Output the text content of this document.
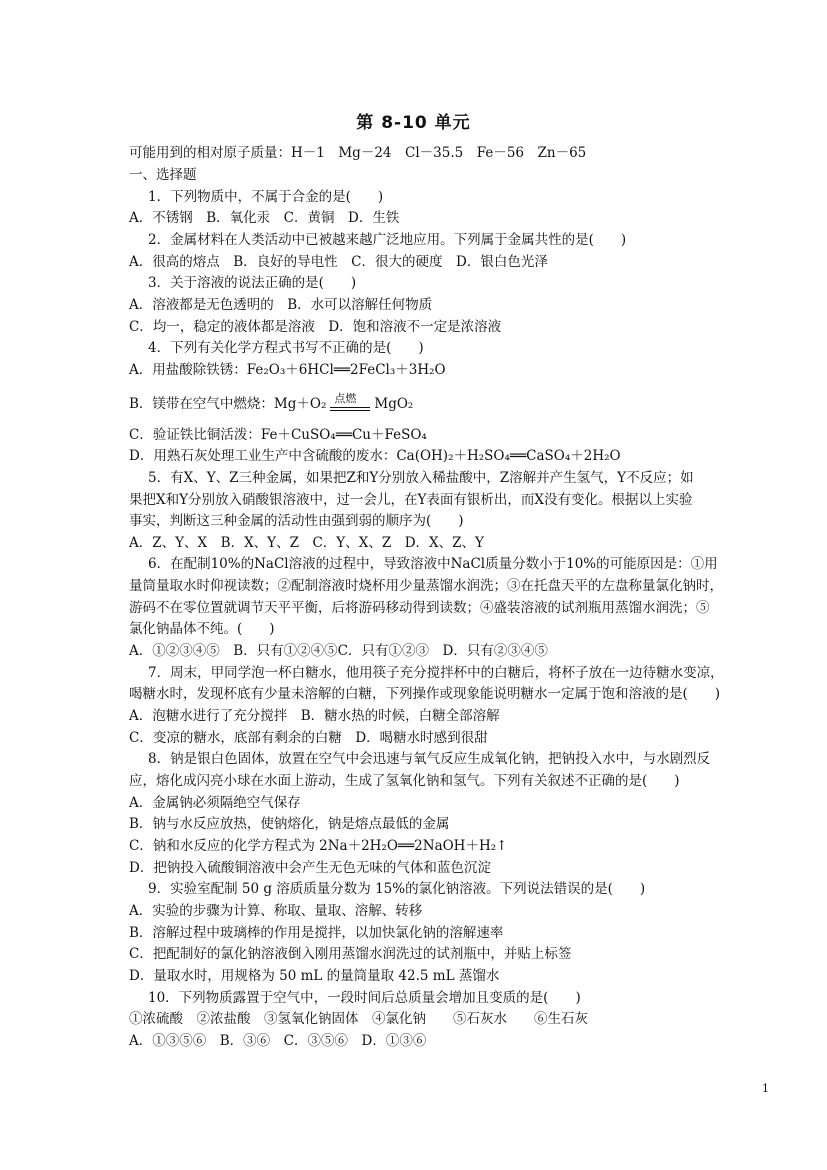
第 8-10 单元
可能用到的相对原子质量：H－1　Mg－24　Cl－35.5　Fe－56　Zn－65
一、选择题
1．下列物质中，不属于合金的是(　　)
A．不锈钢　B．氧化汞　C．黄铜　D．生铁
2．金属材料在人类活动中已被越来越广泛地应用。下列属于金属共性的是(　　)
A．很高的熔点　B．良好的导电性　C．很大的硬度　D．银白色光泽
3．关于溶液的说法正确的是(　　)
A．溶液都是无色透明的　B．水可以溶解任何物质
C．均一，稳定的液体都是溶液　D．饱和溶液不一定是浓溶液
4．下列有关化学方程式书写不正确的是(　　)
A．用盐酸除铁锈：Fe₂O₃＋6HCl══2FeCl₃＋3H₂O
B．镁带在空气中燃烧：Mg＋O₂ 点燃 MgO₂
C．验证铁比铜活泼：Fe＋CuSO₄══Cu＋FeSO₄
D．用熟石灰处理工业生产中含硫酸的废水：Ca(OH)₂＋H₂SO₄══CaSO₄＋2H₂O
5．有X、Y、Z三种金属，如果把Z和Y分别放入稀盐酸中，Z溶解并产生氢气，Y不反应；如
果把X和Y分别放入硝酸银溶液中，过一会儿，在Y表面有银析出，而X没有变化。根据以上实验
事实，判断这三种金属的活动性由强到弱的顺序为(　　)
A．Z、Y、X　B．X、Y、Z　C．Y、X、Z　D．X、Z、Y
6．在配制10%的NaCl溶液的过程中，导致溶液中NaCl质量分数小于10%的可能原因是：①用
量筒量取水时仰视读数；②配制溶液时烧杯用少量蒸馏水润洗；③在托盘天平的左盘称量氯化钠时，
游码不在零位置就调节天平平衡，后将游码移动得到读数；④盛装溶液的试剂瓶用蒸馏水润洗；⑤
氯化钠晶体不纯。(　　)
A．①②③④⑤　B．只有①②④⑤C．只有①②③　D．只有②③④⑤
7．周末，甲同学泡一杯白糖水，他用筷子充分搅拌杯中的白糖后，将杯子放在一边待糖水变凉，
喝糖水时，发现杯底有少量未溶解的白糖，下列操作或现象能说明糖水一定属于饱和溶液的是(　　)
A．泡糖水进行了充分搅拌　B．糖水热的时候，白糖全部溶解
C．变凉的糖水，底部有剩余的白糖　D．喝糖水时感到很甜
8．钠是银白色固体，放置在空气中会迅速与氧气反应生成氧化钠，把钠投入水中，与水剧烈反
应，熔化成闪亮小球在水面上游动，生成了氢氧化钠和氢气。下列有关叙述不正确的是(　　)
A．金属钠必须隔绝空气保存
B．钠与水反应放热，使钠熔化，钠是熔点最低的金属
C．钠和水反应的化学方程式为 2Na＋2H₂O══2NaOH＋H₂↑
D．把钠投入硫酸铜溶液中会产生无色无味的气体和蓝色沉淀
9．实验室配制 50 g 溶质质量分数为 15%的氯化钠溶液。下列说法错误的是(　　)
A．实验的步骤为计算、称取、量取、溶解、转移
B．溶解过程中玻璃棒的作用是搅拌，以加快氯化钠的溶解速率
C．把配制好的氯化钠溶液倒入刚用蒸馏水润洗过的试剂瓶中，并贴上标签
D．量取水时，用规格为 50 mL 的量筒量取 42.5 mL 蒸馏水
10．下列物质露置于空气中，一段时间后总质量会增加且变质的是(　　)
①浓硫酸　②浓盐酸　③氢氧化钠固体　④氯化钠　　⑤石灰水　　⑥生石灰
A．①③⑤⑥　B．③⑥　C．③⑤⑥　D．①③⑥
1
